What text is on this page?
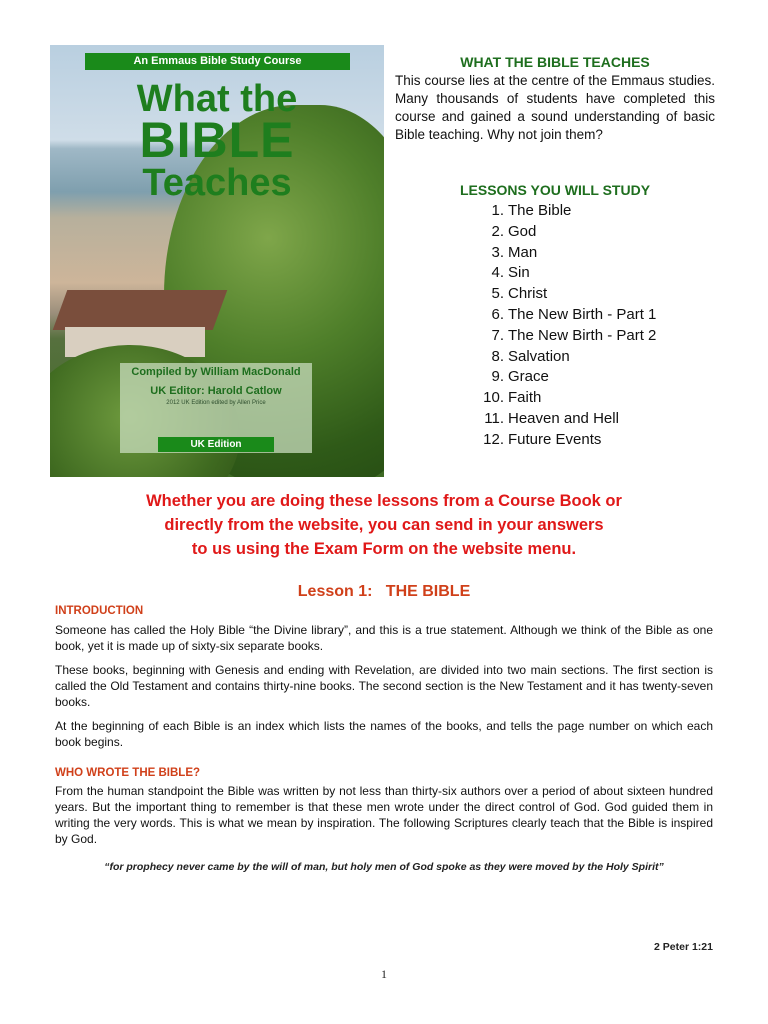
An Emmaus Bible Study Course
What the
BIBLE
Teaches
Compiled by William MacDonald
UK Editor: Harold Catlow
2012 UK Edition edited by Allen Price
UK Edition
WHAT THE BIBLE TEACHES
This course lies at the centre of the Emmaus studies. Many thousands of students have completed this course and gained a sound understanding of basic Bible teaching. Why not join them?
LESSONS YOU WILL STUDY
1. The Bible
2. God
3. Man
4. Sin
5. Christ
6. The New Birth - Part 1
7. The New Birth - Part 2
8. Salvation
9. Grace
10. Faith
11. Heaven and Hell
12. Future Events
Whether you are doing these lessons from a Course Book or
directly from the website, you can send in your answers
to us using the Exam Form on the website menu.
Lesson 1:   THE BIBLE
INTRODUCTION

Someone has called the Holy Bible “the Divine library”, and this is a true statement. Although we think of the Bible as one book, yet it is made up of sixty-six separate books.

These books, beginning with Genesis and ending with Revelation, are divided into two main sections. The first section is called the Old Testament and contains thirty-nine books. The second section is the New Testament and it has twenty-seven books.

At the beginning of each Bible is an index which lists the names of the books, and tells the page number on which each book begins.

WHO WROTE THE BIBLE?

From the human standpoint the Bible was written by not less than thirty-six authors over a period of about sixteen hundred years. But the important thing to remember is that these men wrote under the direct control of God. God guided them in writing the very words. This is what we mean by inspiration. The following Scriptures clearly teach that the Bible is inspired by God.

“for prophecy never came by the will of man, but holy men of God spoke as they were moved by the Holy Spirit”
2 Peter 1:21
1
